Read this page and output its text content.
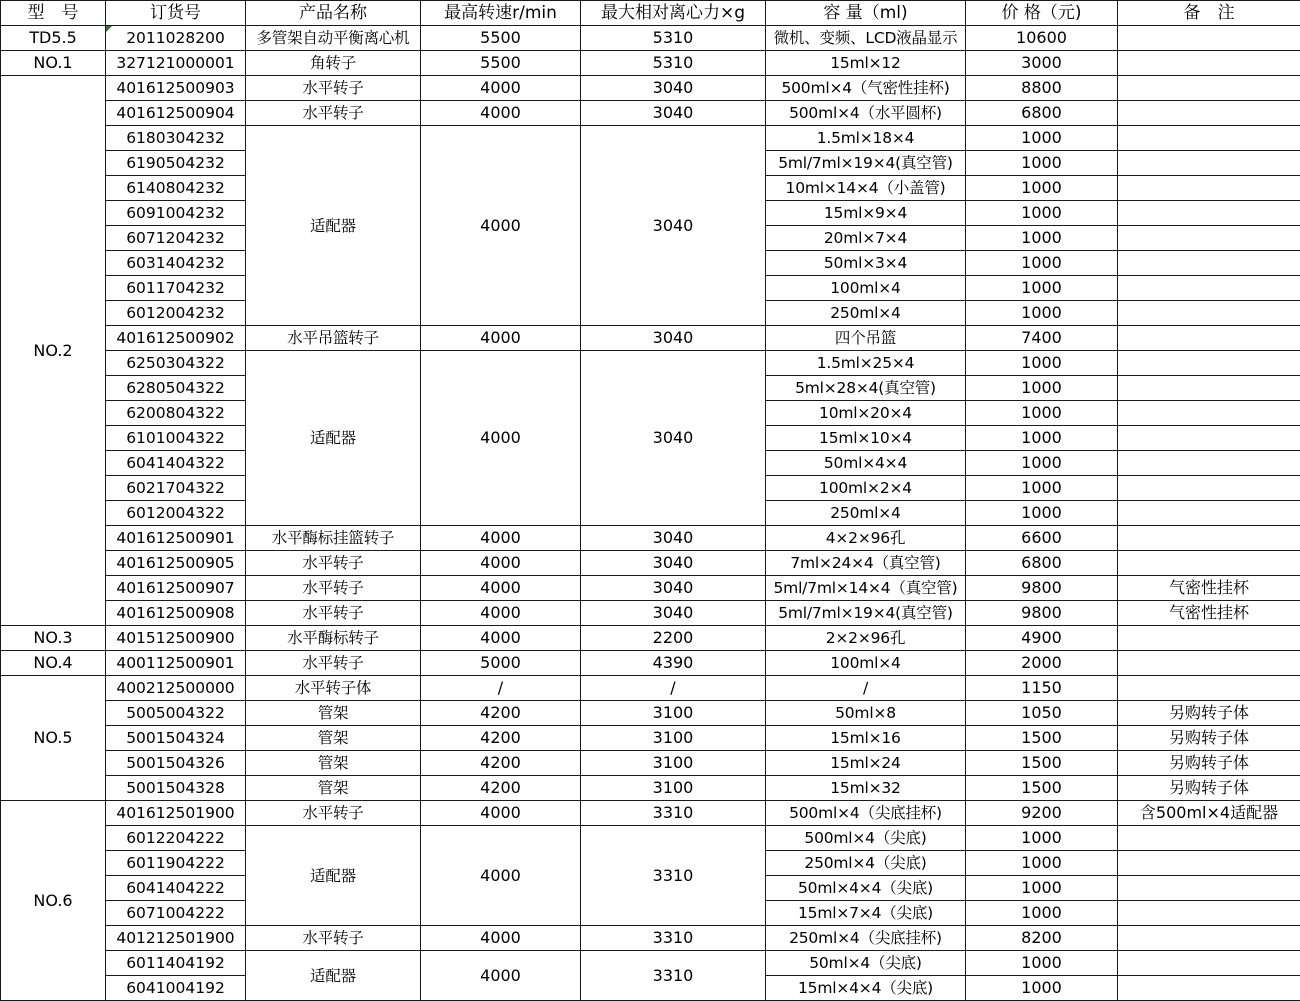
型　号	订货号	产品名称	最高转速r/min	最大相对离心力×g	容 量（ml)	价 格（元)	备　注
TD5.5	2011028200	多管架自动平衡离心机	5500	5310	微机、变频、LCD液晶显示	10600	
NO.1	327121000001	角转子	5500	5310	15ml×12	3000	
NO.2	401612500903	水平转子	4000	3040	500ml×4（气密性挂杯)	8800	
	401612500904	水平转子	4000	3040	500ml×4（水平圆杯)	6800	
	6180304232	适配器	4000	3040	1.5ml×18×4	1000	
	6190504232				5ml/7ml×19×4(真空管)	1000	
	6140804232				10ml×14×4（小盖管)	1000	
	6091004232				15ml×9×4	1000	
	6071204232				20ml×7×4	1000	
	6031404232				50ml×3×4	1000	
	6011704232				100ml×4	1000	
	6012004232				250ml×4	1000	
	401612500902	水平吊篮转子	4000	3040	四个吊篮	7400	
	6250304322	适配器	4000	3040	1.5ml×25×4	1000	
	6280504322				5ml×28×4(真空管)	1000	
	6200804322				10ml×20×4	1000	
	6101004322				15ml×10×4	1000	
	6041404322				50ml×4×4	1000	
	6021704322				100ml×2×4	1000	
	6012004322				250ml×4	1000	
	401612500901	水平酶标挂篮转子	4000	3040	4×2×96孔	6600	
	401612500905	水平转子	4000	3040	7ml×24×4（真空管)	6800	
	401612500907	水平转子	4000	3040	5ml/7ml×14×4（真空管)	9800	气密性挂杯
	401612500908	水平转子	4000	3040	5ml/7ml×19×4(真空管)	9800	气密性挂杯
NO.3	401512500900	水平酶标转子	4000	2200	2×2×96孔	4900	
NO.4	400112500901	水平转子	5000	4390	100ml×4	2000	
NO.5	400212500000	水平转子体	/	/	/	1150	
	5005004322	管架	4200	3100	50ml×8	1050	另购转子体
	5001504324	管架	4200	3100	15ml×16	1500	另购转子体
	5001504326	管架	4200	3100	15ml×24	1500	另购转子体
	5001504328	管架	4200	3100	15ml×32	1500	另购转子体
NO.6	401612501900	水平转子	4000	3310	500ml×4（尖底挂杯)	9200	含500ml×4适配器
	6012204222	适配器	4000	3310	500ml×4（尖底)	1000	
	6011904222				250ml×4（尖底)	1000	
	6041404222				50ml×4×4（尖底)	1000	
	6071004222				15ml×7×4（尖底)	1000	
	401212501900	水平转子	4000	3310	250ml×4（尖底挂杯)	8200	
	6011404192	适配器	4000	3310	50ml×4（尖底)	1000	
	6041004192				15ml×4×4（尖底)	1000	
